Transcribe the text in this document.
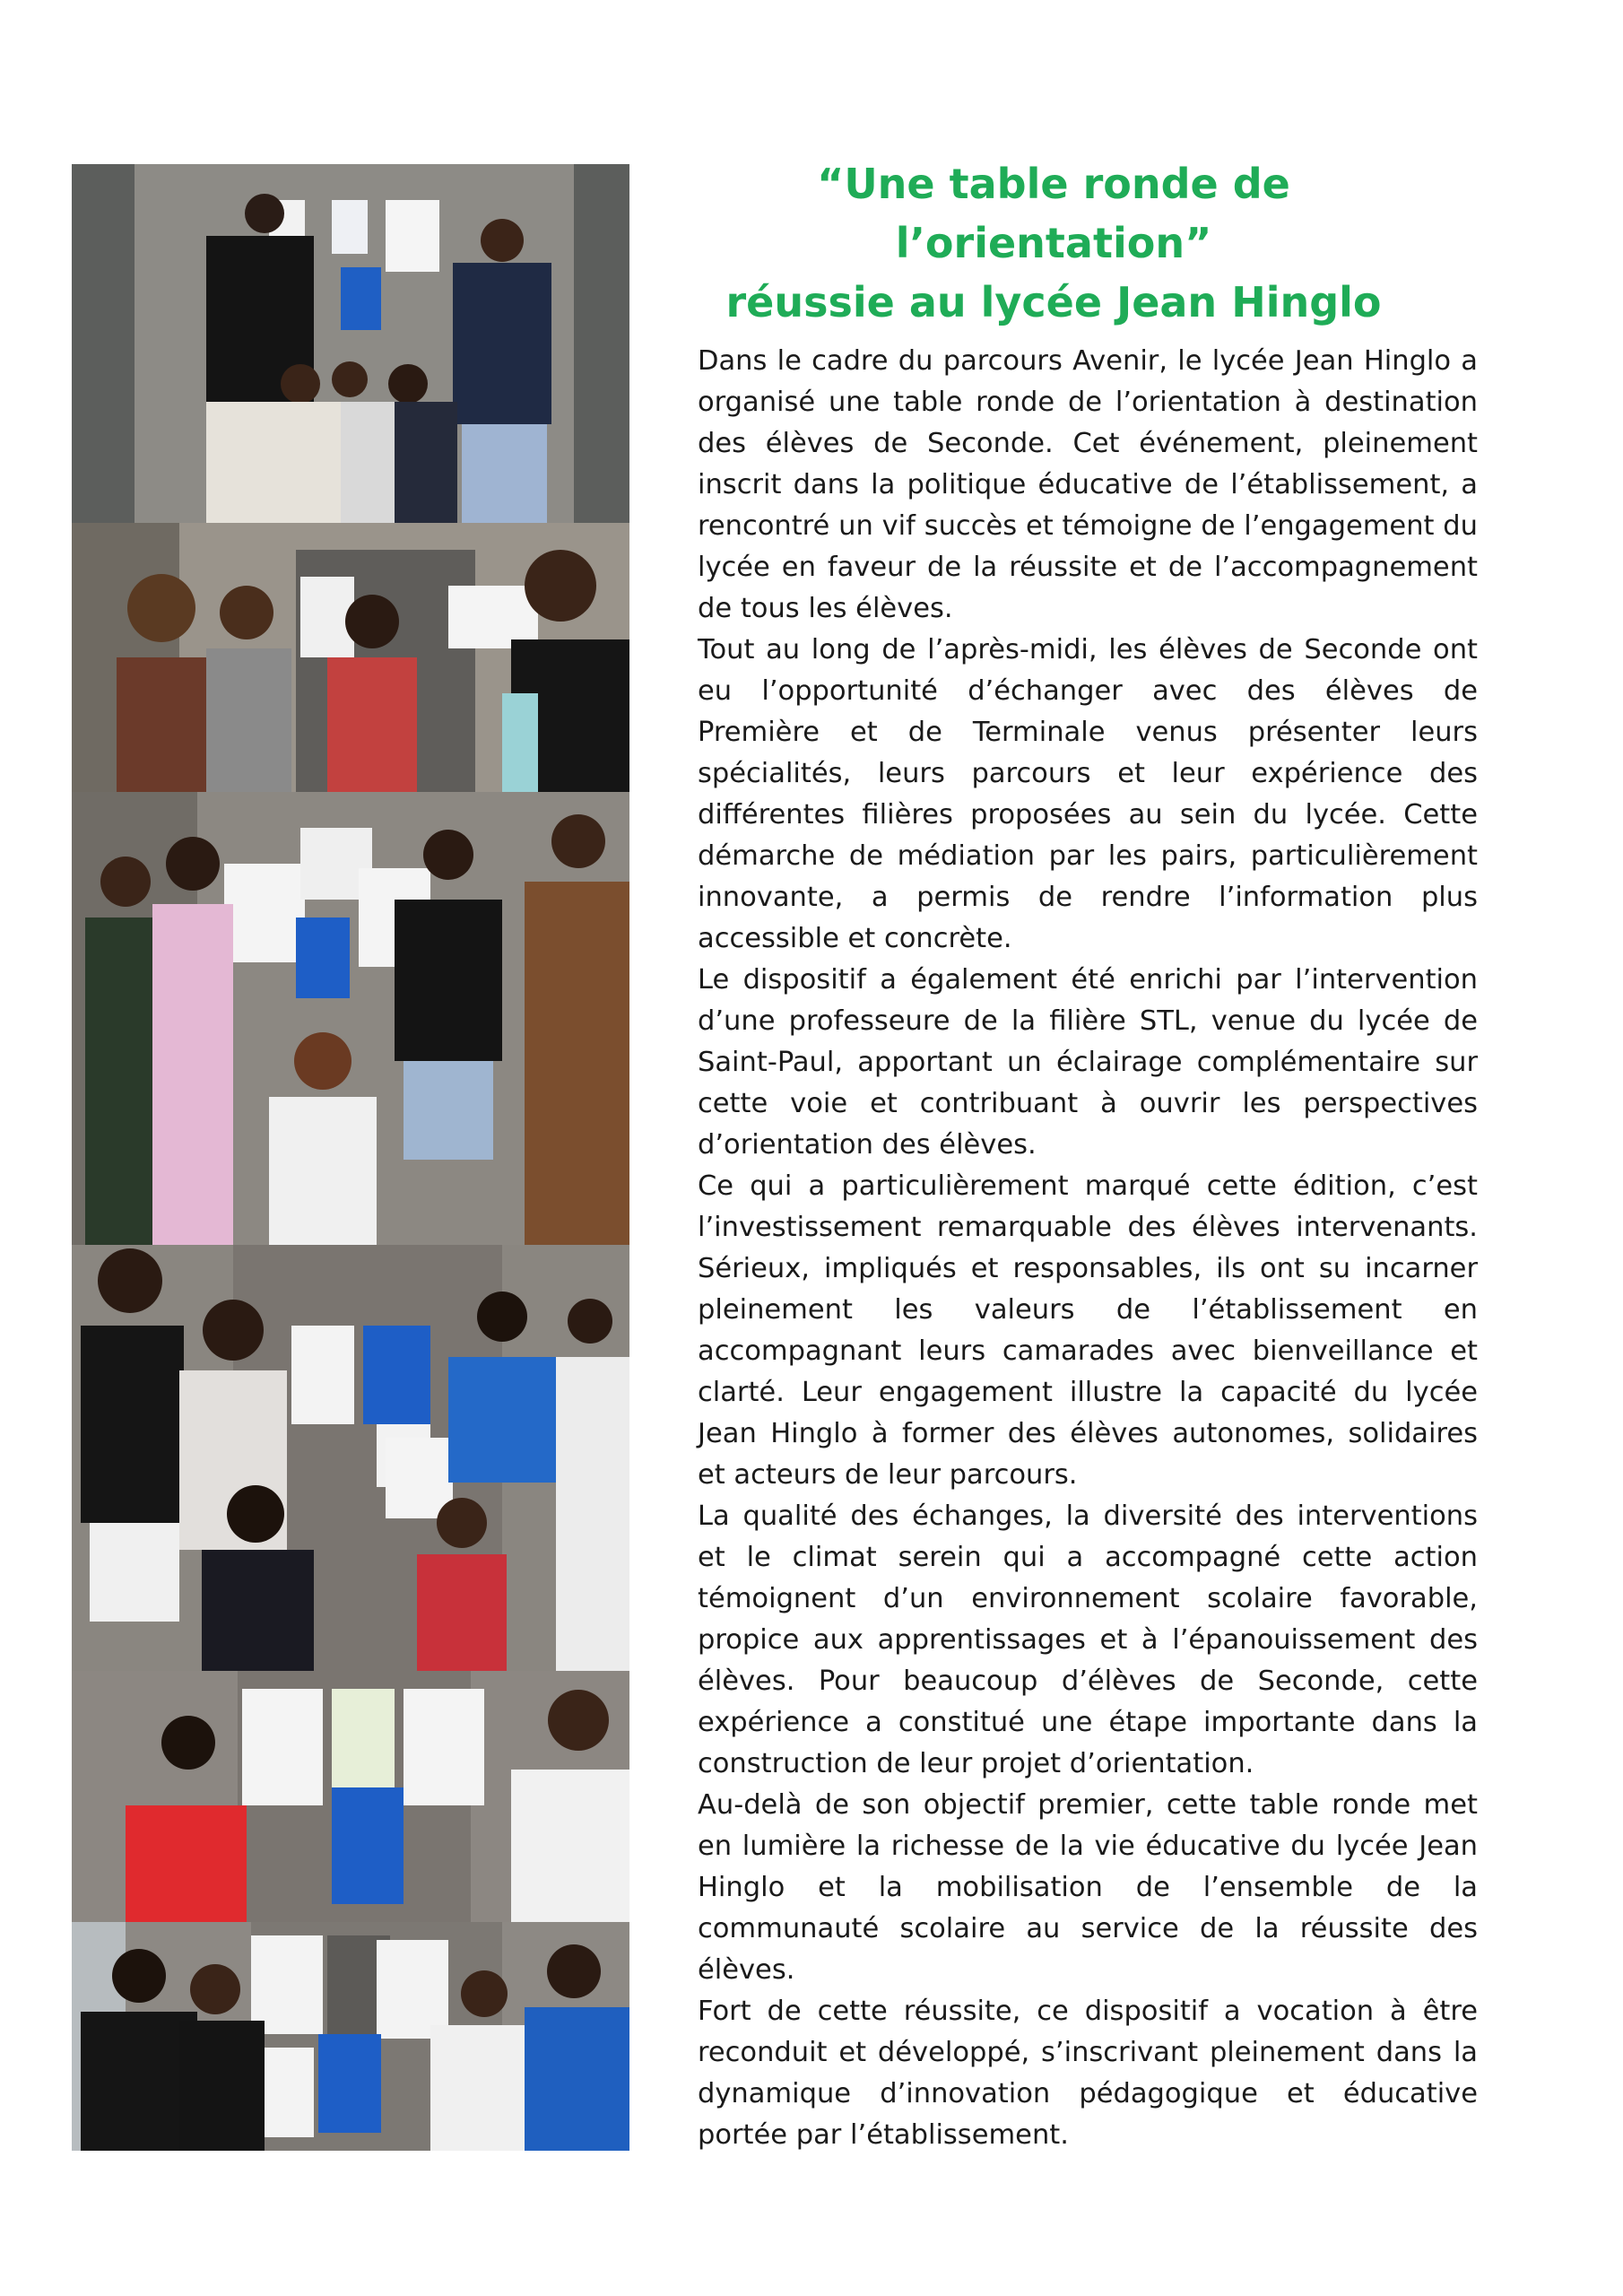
“Une table ronde de l’orientation”
réussie au lycée Jean Hinglo

Dans le cadre du parcours Avenir, le lycée Jean Hinglo a organisé une table ronde de l’orientation à destination des élèves de Seconde. Cet événement, pleinement inscrit dans la politique éducative de l’établissement, a rencontré un vif succès et témoigne de l’engagement du lycée en faveur de la réussite et de l’accompagnement de tous les élèves.

Tout au long de l’après-midi, les élèves de Seconde ont eu l’opportunité d’échanger avec des élèves de Première et de Terminale venus présenter leurs spécialités, leurs parcours et leur expérience des différentes filières proposées au sein du lycée. Cette démarche de médiation par les pairs, particulièrement innovante, a permis de rendre l’information plus accessible et concrète.

Le dispositif a également été enrichi par l’intervention d’une professeure de la filière STL, venue du lycée de Saint-Paul, apportant un éclairage complémentaire sur cette voie et contribuant à ouvrir les perspectives d’orientation des élèves.

Ce qui a particulièrement marqué cette édition, c’est l’investissement remarquable des élèves intervenants. Sérieux, impliqués et responsables, ils ont su incarner pleinement les valeurs de l’établissement en accompagnant leurs camarades avec bienveillance et clarté. Leur engagement illustre la capacité du lycée Jean Hinglo à former des élèves autonomes, solidaires et acteurs de leur parcours.

La qualité des échanges, la diversité des interventions et le climat serein qui a accompagné cette action témoignent d’un environnement scolaire favorable, propice aux apprentissages et à l’épanouissement des élèves. Pour beaucoup d’élèves de Seconde, cette expérience a constitué une étape importante dans la construction de leur projet d’orientation.

Au-delà de son objectif premier, cette table ronde met en lumière la richesse de la vie éducative du lycée Jean Hinglo et la mobilisation de l’ensemble de la communauté scolaire au service de la réussite des élèves.

Fort de cette réussite, ce dispositif a vocation à être reconduit et développé, s’inscrivant pleinement dans la dynamique d’innovation pédagogique et éducative portée par l’établissement.
